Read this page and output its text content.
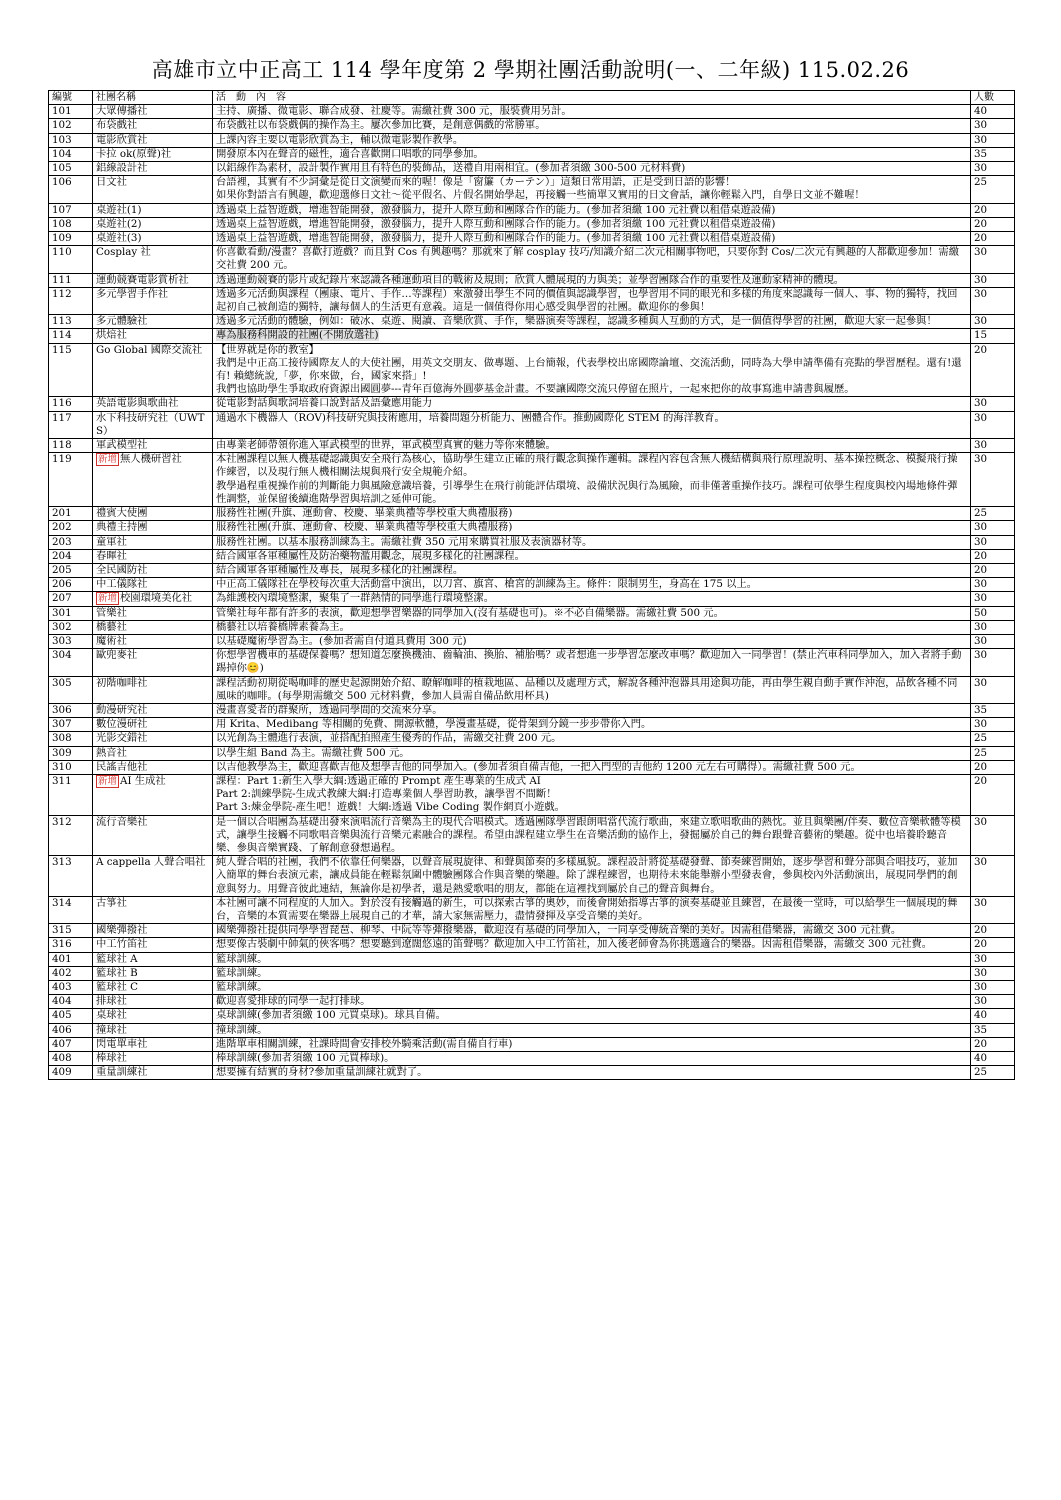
高雄市立中正高工 114 學年度第 2 學期社團活動說明(一、二年級) 115.02.26
編號	社團名稱	活　動　內　容	人數
101	大眾傳播社	主持、廣播、微電影、聯合成發、社慶等。需繳社費 300 元，服裝費用另計。	40
102	布袋戲社	布袋戲社以布袋戲偶的操作為主。屢次參加比賽，是創意偶戲的常勝軍。	30
103	電影欣賞社	上課內容主要以電影欣賞為主，輔以微電影製作教學。	30
104	卡拉 ok(原聲)社	開發原本內在聲音的磁性，適合喜歡開口唱歌的同學參加。	35
105	鋁線設計社	以鋁線作為素材，設計製作實用且有特色的裝飾品，送禮自用兩相宜。(參加者須繳 300-500 元材料費)	30
106	日文社	台語裡，其實有不少詞彙是從日文演變而來的喔！像是「窗簾（カーテン）」這類日常用語，正是受到日語的影響！
如果你對語言有興趣，歡迎選修日文社～從平假名、片假名開始學起，再接觸一些簡單又實用的日文會話，讓你輕鬆入門，自學日文並不難喔！	25
107	桌遊社(1)	透過桌上益智遊戲，增進智能開發，激發腦力，提升人際互動和團隊合作的能力。(參加者須繳 100 元社費以租借桌遊設備)	20
108	桌遊社(2)	透過桌上益智遊戲，增進智能開發，激發腦力，提升人際互動和團隊合作的能力。(參加者須繳 100 元社費以租借桌遊設備)	20
109	桌遊社(3)	透過桌上益智遊戲，增進智能開發，激發腦力，提升人際互動和團隊合作的能力。(參加者須繳 100 元社費以租借桌遊設備)	20
110	Cosplay 社	你喜歡看動/漫畫？喜歡打遊戲？而且對 Cos 有興趣嗎？那就來了解 cosplay 技巧/知識介紹二次元相關事物吧，只要你對 Cos/二次元有興趣的人都歡迎參加！需繳交社費 200 元。	30
111	運動競賽電影賞析社	透過運動競賽的影片或紀錄片來認識各種運動項目的戰術及規則；欣賞人體展現的力與美；並學習團隊合作的重要性及運動家精神的體現。	30
112	多元學習手作社	透過多元活動與課程（團康、電片、手作…等課程）來激發出學生不同的價值與認識學習，也學習用不同的眼光和多樣的角度來認識每一個人、事、物的獨特，找回起初自己被創造的獨特，讓每個人的生活更有意義。這是一個值得你用心感受與學習的社團。歡迎你的參與！	30
113	多元體驗社	透過多元活動的體驗，例如：破冰、桌遊、閱讀、音樂欣賞、手作，樂器演奏等課程，認識多種與人互動的方式，是一個值得學習的社團，歡迎大家一起參與！	30
114	烘焙社	專為服務科開設的社團(不開放選社)	15
115	Go Global 國際交流社	【世界就是你的教室】
我們是中正高工接待國際友人的大使社團，用英文交朋友、做專題、上台簡報，代表學校出席國際論壇、交流活動，同時為大學申請準備有亮點的學習歷程。還有!還有! 賴總統說,「夢，你來做，台，國家來搭」!
我們也協助學生爭取政府資源出國圓夢---青年百億海外圓夢基金計畫。不要讓國際交流只停留在照片，一起來把你的故事寫進申請書與履歷。	20
116	英語電影與歌曲社	從電影對話與歌詞培養口說對話及語彙應用能力	30
117	水下科技研究社（UWTS）	通過水下機器人（ROV)科技研究與技術應用，培養問題分析能力、團體合作。推動國際化 STEM 的海洋教育。	30
118	軍武模型社	由專業老師帶領你進入軍武模型的世界，軍武模型真實的魅力等你來體驗。	30
119	新增 無人機研習社	本社團課程以無人機基礎認識與安全飛行為核心，協助學生建立正確的飛行觀念與操作邏輯。課程內容包含無人機結構與飛行原理說明、基本操控概念、模擬飛行操作練習，以及現行無人機相關法規與飛行安全規範介紹。
教學過程重視操作前的判斷能力與風險意識培養，引導學生在飛行前能評估環境、設備狀況與行為風險，而非僅著重操作技巧。課程可依學生程度與校內場地條件彈性調整，並保留後續進階學習與培訓之延伸可能。	30
201	禮賓大使團	服務性社團(升旗、運動會、校慶、畢業典禮等學校重大典禮服務)	25
202	典禮主持團	服務性社團(升旗、運動會、校慶、畢業典禮等學校重大典禮服務)	30
203	童軍社	服務性社團。以基本服務訓練為主。需繳社費 350 元用來購買社服及表演器材等。	30
204	春暉社	結合國軍各軍種屬性及防治藥物濫用觀念，展現多樣化的社團課程。	20
205	全民國防社	結合國軍各軍種屬性及專長，展現多樣化的社團課程。	20
206	中工儀隊社	中正高工儀隊社在學校每次重大活動當中演出，以刀宮、旗宮、槍宮的訓練為主。條件：限制男生，身高在 175 以上。	30
207	新增 校園環境美化社	為維護校內環境整潔，聚集了一群熱情的同學進行環境整潔。	30
301	管樂社	管樂社每年都有許多的表演，歡迎想學習樂器的同學加入(沒有基礎也可)。※不必自備樂器。需繳社費 500 元。	50
302	橋藝社	橋藝社以培養橋牌素養為主。	30
303	魔術社	以基礎魔術學習為主。(參加者需自付道具費用 300 元)	30
304	歐兜麥社	你想學習機車的基礎保養嗎？想知道怎麼換機油、齒輪油、換胎、補胎嗎？或者想進一步學習怎麼改車嗎？歡迎加入一同學習！(禁止汽車科同學加入，加入者將手動踢掉你😊)	30
305	初階咖啡社	課程活動初期從喝咖啡的歷史起源開始介紹、瞭解咖啡的植栽地區、品種以及處理方式，解說各種沖泡器具用途與功能，再由學生親自動手實作沖泡，品飲各種不同風味的咖啡。(每學期需繳交 500 元材料費，參加人員需自備品飲用杯具)	30
306	動漫研究社	漫畫喜愛者的群聚所，透過同學間的交流來分享。	35
307	數位漫研社	用 Krita、Medibang 等相關的免費、開源軟體，學漫畫基礎，從骨架到分鏡一步步帶你入門。	30
308	光影交錯社	以光創為主體進行表演，並搭配拍照產生優秀的作品，需繳交社費 200 元。	25
309	熱音社	以學生組 Band 為主。需繳社費 500 元。	25
310	民謠吉他社	以吉他教學為主，歡迎喜歡吉他及想學吉他的同學加入。(參加者須自備吉他，一把入門型的吉他約 1200 元左右可購得）。需繳社費 500 元。	20
311	新增 AI 生成社	課程：Part 1:新生入學大綱:透過正確的 Prompt 產生專業的生成式 AI
Part 2:訓練學院-生成式教練大綱:打造專業個人學習助教，讓學習不間斷！
Part 3:煉金學院-產生吧！遊戲！大綱:透過 Vibe Coding 製作網頁小遊戲。	20
312	流行音樂社	是一個以合唱團為基礎出發來演唱流行音樂為主的現代合唱模式。透過團隊學習跟朗唱當代流行歌曲，來建立歌唱歌曲的熱忱。並且與樂團/伴奏、數位音樂軟體等模式，讓學生接觸不同歌唱音樂與流行音樂元素融合的課程。希望由課程建立學生在音樂活動的協作上，發掘屬於自己的舞台跟聲音藝術的樂趣。從中也培養聆聽音樂、參與音樂實踐、了解創意發想過程。	30
313	A cappella 人聲合唱社	純人聲合唱的社團，我們不依靠任何樂器，以聲音展現旋律、和聲與節奏的多樣風貌。課程設計將從基礎發聲、節奏練習開始，逐步學習和聲分部與合唱技巧，並加入簡單的舞台表演元素，讓成員能在輕鬆氛圍中體驗團隊合作與音樂的樂趣。除了課程練習，也期待未來能舉辦小型發表會，參與校內外活動演出，展現同學們的創意與努力。用聲音彼此連結，無論你是初學者，還是熱愛歌唱的朋友，都能在這裡找到屬於自己的聲音與舞台。	30
314	古箏社	本社團可讓不同程度的人加入。對於沒有接觸過的新生，可以探索古箏的奧妙，而後會開始指導古箏的演奏基礎並且練習，在最後一堂時，可以給學生一個展現的舞台，音樂的本質需要在樂器上展現自己的才華，請大家無需壓力，盡情發揮及享受音樂的美好。	30
315	國樂彈撥社	國樂彈撥社提供同學學習琵琶、柳琴、中阮等等彈撥樂器，歡迎沒有基礎的同學加入，一同享受傳統音樂的美好。因需租借樂器，需繳交 300 元社費。	20
316	中工竹笛社	想要像古裝劇中帥氣的俠客嗎？想要聽到遼闊悠遠的笛聲嗎？歡迎加入中工竹笛社，加入後老師會為你挑選適合的樂器。因需租借樂器，需繳交 300 元社費。	20
401	籃球社 A	籃球訓練。	30
402	籃球社 B	籃球訓練。	30
403	籃球社 C	籃球訓練。	30
404	排球社	歡迎喜愛排球的同學一起打排球。	30
405	桌球社	桌球訓練(參加者須繳 100 元買桌球)。球具自備。	40
406	撞球社	撞球訓練。	35
407	閃電單車社	進階單車相關訓練，社課時間會安排校外騎乘活動(需自備自行車)	20
408	棒球社	棒球訓練(參加者須繳 100 元買棒球)。	40
409	重量訓練社	想要擁有結實的身材?參加重量訓練社就對了。	25
